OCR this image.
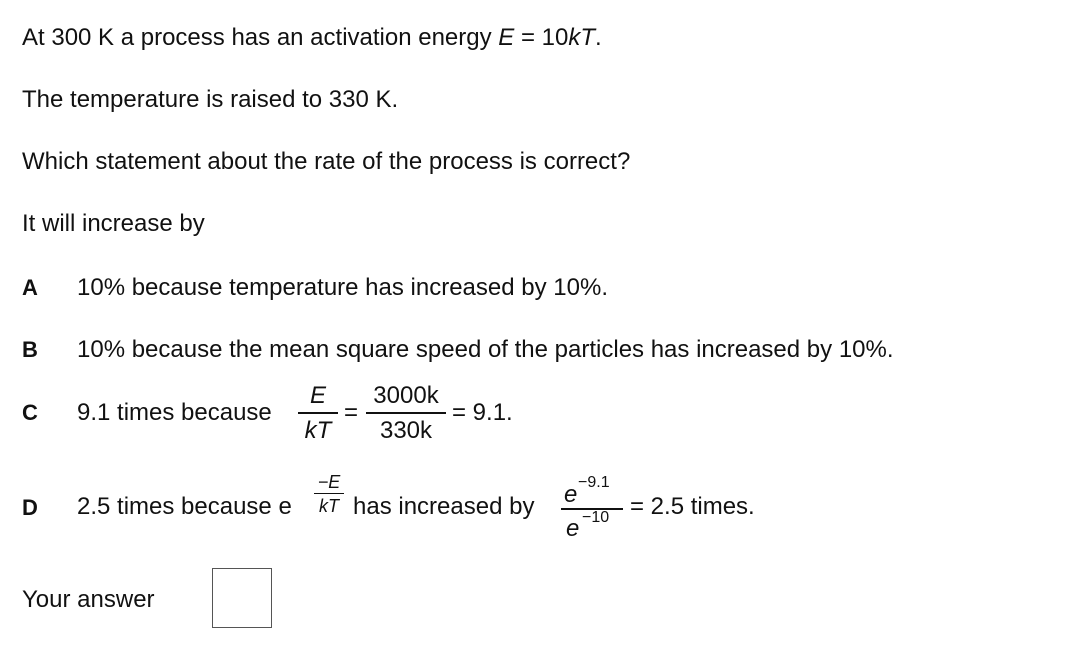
At 300 K a process has an activation energy E = 10kT.
The temperature is raised to 330 K.
Which statement about the rate of the process is correct?
It will increase by
A 10% because temperature has increased by 10%.
B 10% because the mean square speed of the particles has increased by 10%.
C 9.1 times because
E
kT
=
3000k
330k
= 9.1.
D 2.5 times because e
−E
kT has increased by e −9.1
e −10 = 2.5 times.
Your answer
